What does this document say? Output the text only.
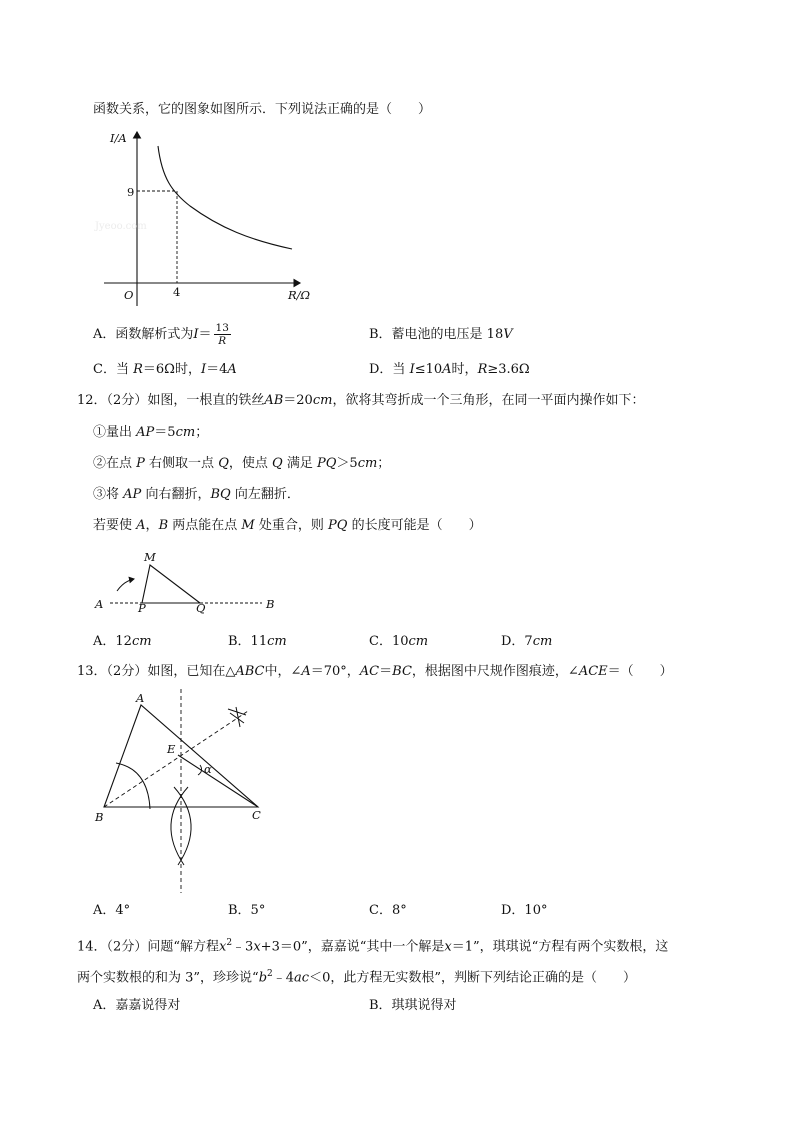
函数关系，它的图象如图所示．下列说法正确的是（　　）
I/A
9
Jyeoo.com
O	4	R/Ω
A．函数解析式为$I= \frac{13}{R}$	B．蓄电池的电压是 18V
C．当 R＝6Ω时，I＝4A	D．当 I≤10A时，R≥3.6Ω
12．（2分）如图，一根直的铁丝AB＝20cm，欲将其弯折成一个三角形，在同一平面内操作如下：
①量出 AP＝5cm；
②在点 P 右侧取一点 Q，使点 Q 满足 PQ＞5cm；
③将 AP 向右翻折，BQ 向左翻折．
若要使 A，B 两点能在点 M 处重合，则 PQ 的长度可能是（　　）
M
A	P	Q	B
A．12cm	B．11cm	C．10cm	D．7cm
13．（2分）如图，已知在△ABC中，∠A＝70°，AC＝BC，根据图中尺规作图痕迹，∠ACE＝（　　）
A
E
α
B	C
A．4°	B．5°	C．8°	D．10°
14．（2分）问题“解方程$x^2﹣3x+3=0$”，嘉嘉说“其中一个解是x＝1”，琪琪说“方程有两个实数根，这
两个实数根的和为 3”，珍珍说“$b^2﹣4ac<0$，此方程无实数根”，判断下列结论正确的是（　　）
A．嘉嘉说得对	B．琪琪说得对
